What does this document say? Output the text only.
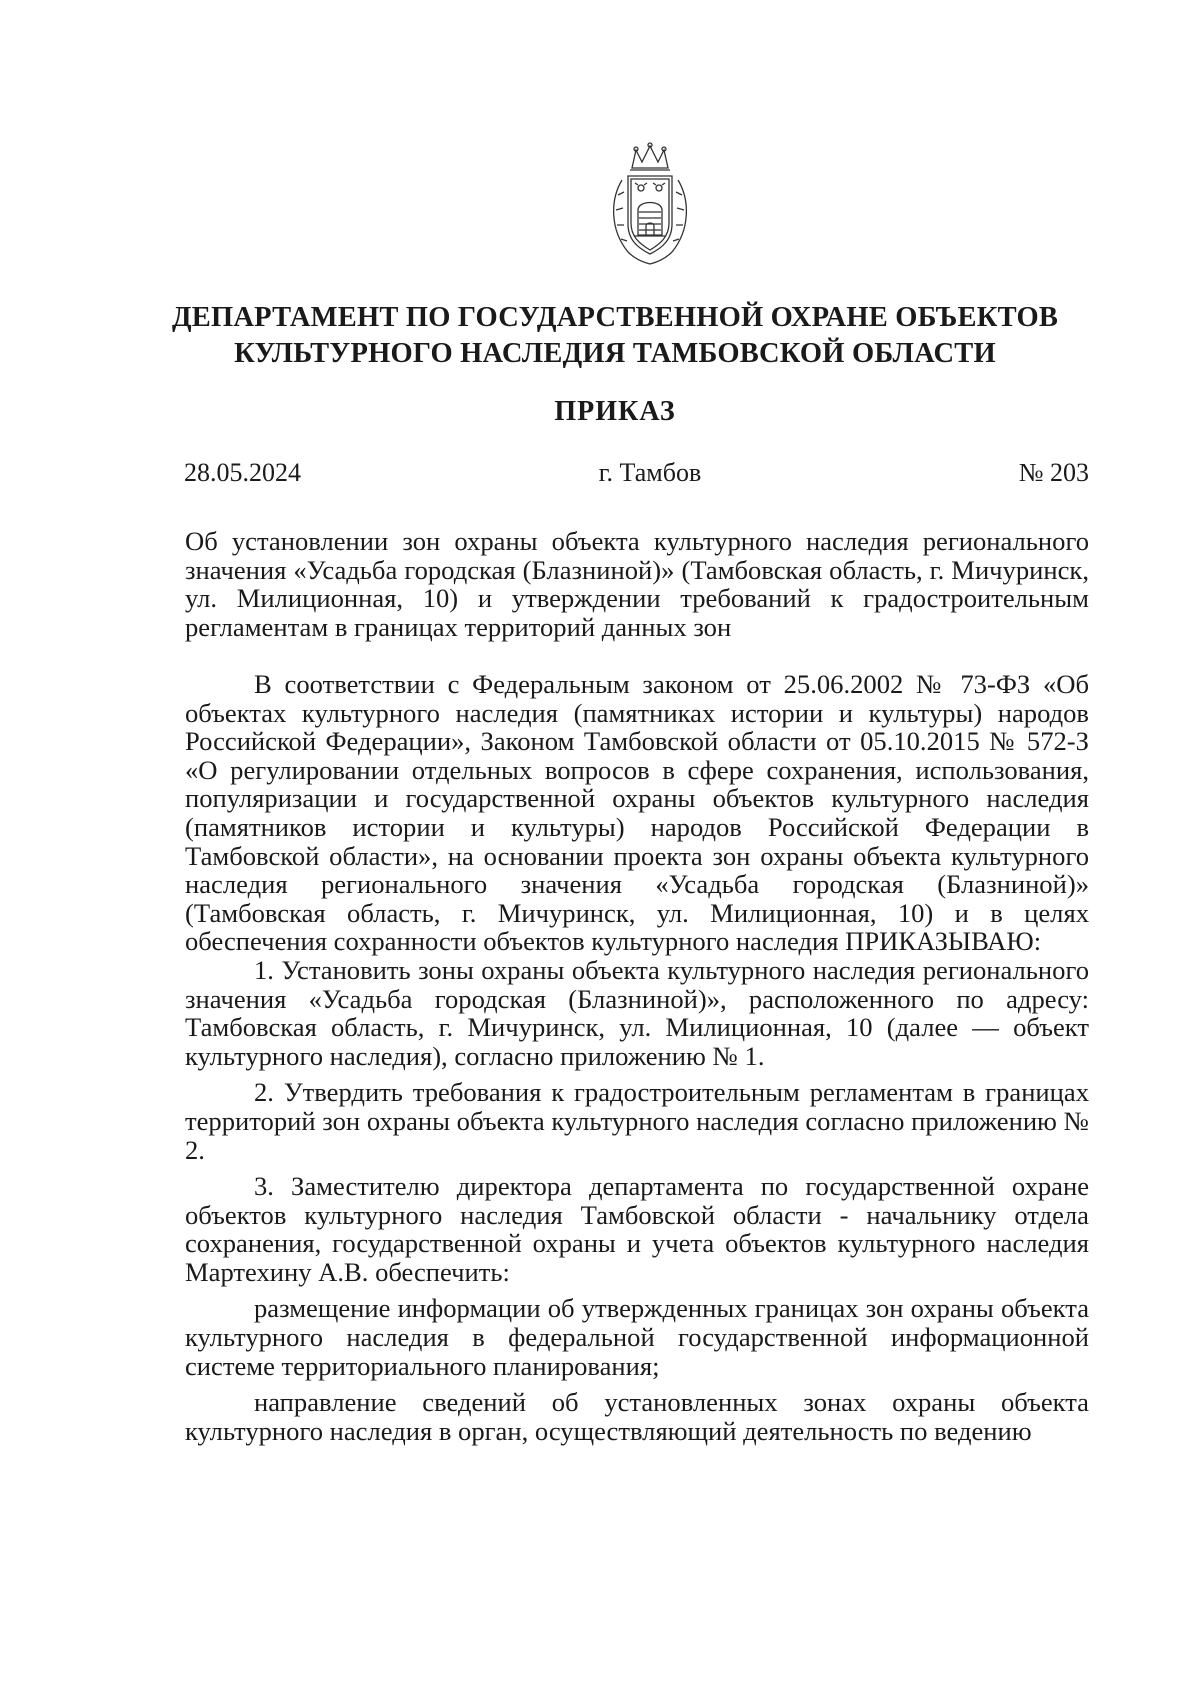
ДЕПАРТАМЕНТ ПО ГОСУДАРСТВЕННОЙ ОХРАНЕ ОБЪЕКТОВ
КУЛЬТУРНОГО НАСЛЕДИЯ ТАМБОВСКОЙ ОБЛАСТИ
ПРИКАЗ
28.05.2024	г. Тамбов	№ 203
Об установлении зон охраны объекта культурного наследия регионального значения «Усадьба городская (Блазниной)» (Тамбовская область, г. Мичуринск, ул. Милиционная, 10) и утверждении требований к градостроительным регламентам в границах территорий данных зон

В соответствии с Федеральным законом от 25.06.2002 № 73-ФЗ «Об объектах культурного наследия (памятниках истории и культуры) народов Российской Федерации», Законом Тамбовской области от 05.10.2015 № 572-З «О регулировании отдельных вопросов в сфере сохранения, использования, популяризации и государственной охраны объектов культурного наследия (памятников истории и культуры) народов Российской Федерации в Тамбовской области», на основании проекта зон охраны объекта культурного наследия регионального значения «Усадьба городская (Блазниной)» (Тамбовская область, г. Мичуринск, ул. Милиционная, 10) и в целях обеспечения сохранности объектов культурного наследия ПРИКАЗЫВАЮ:

1. Установить зоны охраны объекта культурного наследия регионального значения «Усадьба городская (Блазниной)», расположенного по адресу: Тамбовская область, г. Мичуринск, ул. Милиционная, 10 (далее — объект культурного наследия), согласно приложению № 1.

2. Утвердить требования к градостроительным регламентам в границах территорий зон охраны объекта культурного наследия согласно приложению № 2.

3. Заместителю директора департамента по государственной охране объектов культурного наследия Тамбовской области - начальнику отдела сохранения, государственной охраны и учета объектов культурного наследия Мартехину А.В. обеспечить:

размещение информации об утвержденных границах зон охраны объекта культурного наследия в федеральной государственной информационной системе территориального планирования;

направление сведений об установленных зонах охраны объекта культурного наследия в орган, осуществляющий деятельность по ведению
